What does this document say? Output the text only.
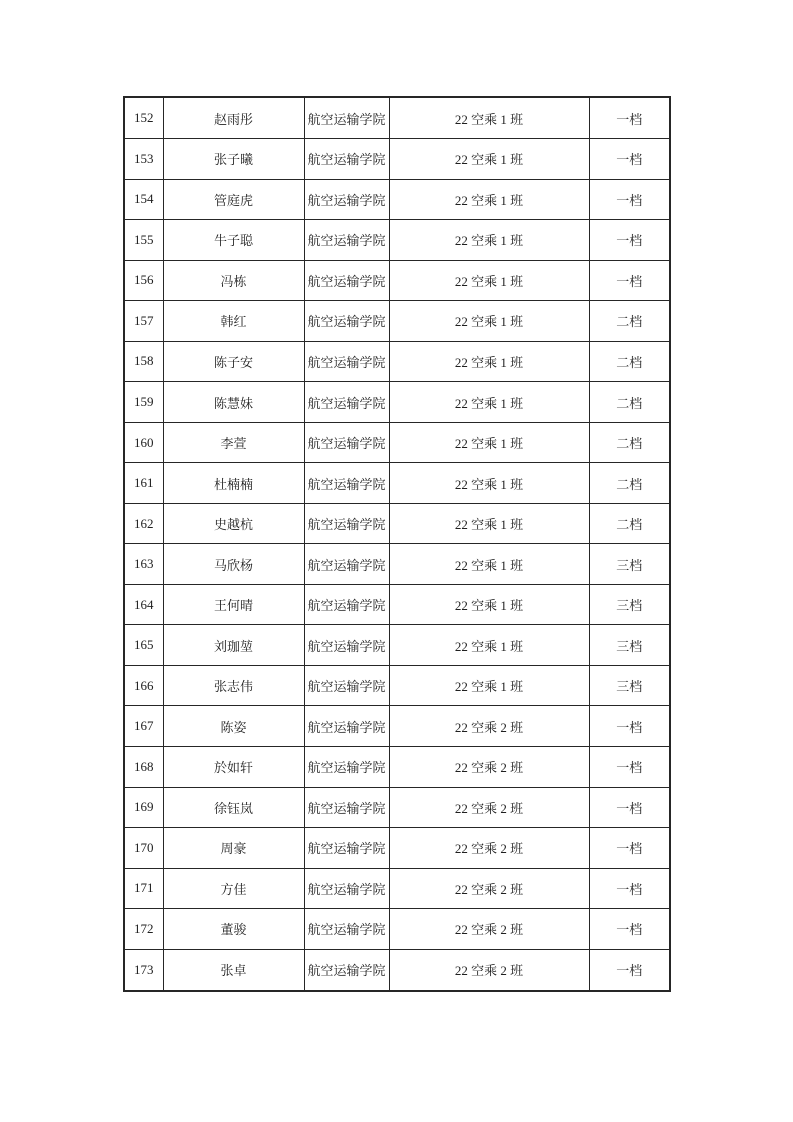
152	赵雨彤	航空运输学院	22 空乘 1 班	一档
153	张子曦	航空运输学院	22 空乘 1 班	一档
154	管庭虎	航空运输学院	22 空乘 1 班	一档
155	牛子聪	航空运输学院	22 空乘 1 班	一档
156	冯栋	航空运输学院	22 空乘 1 班	一档
157	韩红	航空运输学院	22 空乘 1 班	二档
158	陈子安	航空运输学院	22 空乘 1 班	二档
159	陈慧妹	航空运输学院	22 空乘 1 班	二档
160	李萱	航空运输学院	22 空乘 1 班	二档
161	杜楠楠	航空运输学院	22 空乘 1 班	二档
162	史越杭	航空运输学院	22 空乘 1 班	二档
163	马欣杨	航空运输学院	22 空乘 1 班	三档
164	王何晴	航空运输学院	22 空乘 1 班	三档
165	刘珈堃	航空运输学院	22 空乘 1 班	三档
166	张志伟	航空运输学院	22 空乘 1 班	三档
167	陈姿	航空运输学院	22 空乘 2 班	一档
168	於如轩	航空运输学院	22 空乘 2 班	一档
169	徐钰岚	航空运输学院	22 空乘 2 班	一档
170	周豪	航空运输学院	22 空乘 2 班	一档
171	方佳	航空运输学院	22 空乘 2 班	一档
172	董骏	航空运输学院	22 空乘 2 班	一档
173	张卓	航空运输学院	22 空乘 2 班	一档
